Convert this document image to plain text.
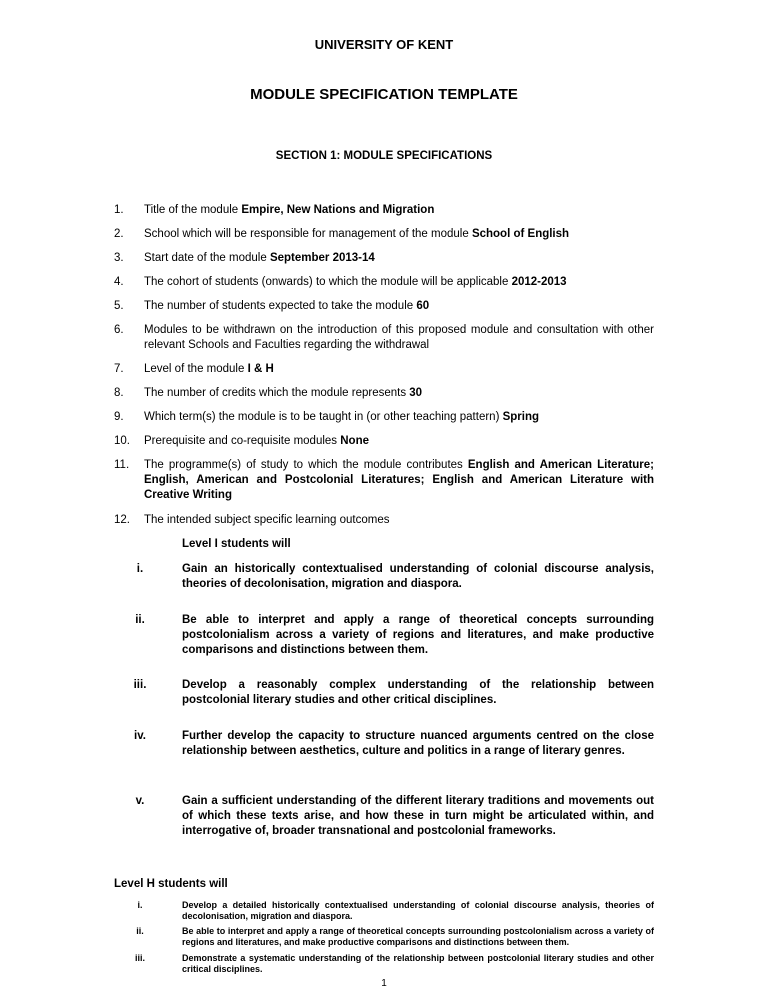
UNIVERSITY OF KENT
MODULE SPECIFICATION TEMPLATE
SECTION 1: MODULE SPECIFICATIONS
1. Title of the module Empire, New Nations and Migration
2. School which will be responsible for management of the module School of English
3. Start date of the module September 2013-14
4. The cohort of students (onwards) to which the module will be applicable 2012-2013
5. The number of students expected to take the module 60
6. Modules to be withdrawn on the introduction of this proposed module and consultation with other relevant Schools and Faculties regarding the withdrawal
7. Level of the module I & H
8. The number of credits which the module represents 30
9. Which term(s) the module is to be taught in (or other teaching pattern) Spring
10. Prerequisite and co-requisite modules None
11. The programme(s) of study to which the module contributes English and American Literature; English, American and Postcolonial Literatures; English and American Literature with Creative Writing
12. The intended subject specific learning outcomes
Level I students will
i.	Gain an historically contextualised understanding of colonial discourse analysis, theories of decolonisation, migration and diaspora.
ii.	Be able to interpret and apply a range of theoretical concepts surrounding postcolonialism across a variety of regions and literatures, and make productive comparisons and distinctions between them.
iii.	Develop a reasonably complex understanding of the relationship between postcolonial literary studies and other critical disciplines.
iv.	Further develop the capacity to structure nuanced arguments centred on the close relationship between aesthetics, culture and politics in a range of literary genres.
v.	Gain a sufficient understanding of the different literary traditions and movements out of which these texts arise, and how these in turn might be articulated within, and interrogative of, broader transnational and postcolonial frameworks.
Level H students will
1
i.	Develop a detailed historically contextualised understanding of colonial discourse analysis, theories of decolonisation, migration and diaspora.
ii.	Be able to interpret and apply a range of theoretical concepts surrounding postcolonialism across a variety of regions and literatures, and make productive comparisons and distinctions between them.
iii.	Demonstrate a systematic understanding of the relationship between postcolonial literary studies and other critical disciplines.
